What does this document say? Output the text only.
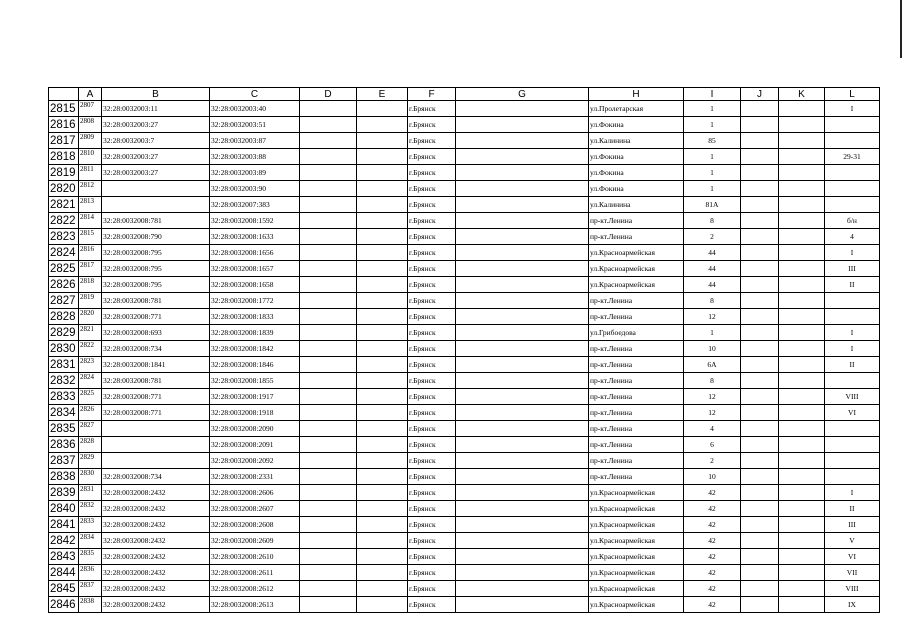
	A	B	C	D	E	F	G	H	I	J	K	L
2815	2807	32:28:0032003:11	32:28:0032003:40			г.Брянск		ул.Пролетарская	1			I
2816	2808	32:28:0032003:27	32:28:0032003:51			г.Брянск		ул.Фокина	1			
2817	2809	32:28:0032003:7	32:28:0032003:87			г.Брянск		ул.Калинина	85			
2818	2810	32:28:0032003:27	32:28:0032003:88			г.Брянск		ул.Фокина	1			29-31
2819	2811	32:28:0032003:27	32:28:0032003:89			г.Брянск		ул.Фокина	1			
2820	2812		32:28:0032003:90			г.Брянск		ул.Фокина	1			
2821	2813		32:28:0032007:383			г.Брянск		ул.Калинина	81А			
2822	2814	32:28:0032008:781	32:28:0032008:1592			г.Брянск		пр-кт.Ленина	8			б/н
2823	2815	32:28:0032008:790	32:28:0032008:1633			г.Брянск		пр-кт.Ленина	2			4
2824	2816	32:28:0032008:795	32:28:0032008:1656			г.Брянск		ул.Красноармейская	44			I
2825	2817	32:28:0032008:795	32:28:0032008:1657			г.Брянск		ул.Красноармейская	44			III
2826	2818	32:28:0032008:795	32:28:0032008:1658			г.Брянск		ул.Красноармейская	44			II
2827	2819	32:28:0032008:781	32:28:0032008:1772			г.Брянск		пр-кт.Ленина	8			
2828	2820	32:28:0032008:771	32:28:0032008:1833			г.Брянск		пр-кт.Ленина	12			
2829	2821	32:28:0032008:693	32:28:0032008:1839			г.Брянск		ул.Грибоедова	1			I
2830	2822	32:28:0032008:734	32:28:0032008:1842			г.Брянск		пр-кт.Ленина	10			I
2831	2823	32:28:0032008:1841	32:28:0032008:1846			г.Брянск		пр-кт.Ленина	6А			II
2832	2824	32:28:0032008:781	32:28:0032008:1855			г.Брянск		пр-кт.Ленина	8			
2833	2825	32:28:0032008:771	32:28:0032008:1917			г.Брянск		пр-кт.Ленина	12			VIII
2834	2826	32:28:0032008:771	32:28:0032008:1918			г.Брянск		пр-кт.Ленина	12			VI
2835	2827		32:28:0032008:2090			г.Брянск		пр-кт.Ленина	4			
2836	2828		32:28:0032008:2091			г.Брянск		пр-кт.Ленина	6			
2837	2829		32:28:0032008:2092			г.Брянск		пр-кт.Ленина	2			
2838	2830	32:28:0032008:734	32:28:0032008:2331			г.Брянск		пр-кт.Ленина	10			
2839	2831	32:28:0032008:2432	32:28:0032008:2606			г.Брянск		ул.Красноармейская	42			I
2840	2832	32:28:0032008:2432	32:28:0032008:2607			г.Брянск		ул.Красноармейская	42			II
2841	2833	32:28:0032008:2432	32:28:0032008:2608			г.Брянск		ул.Красноармейская	42			III
2842	2834	32:28:0032008:2432	32:28:0032008:2609			г.Брянск		ул.Красноармейская	42			V
2843	2835	32:28:0032008:2432	32:28:0032008:2610			г.Брянск		ул.Красноармейская	42			VI
2844	2836	32:28:0032008:2432	32:28:0032008:2611			г.Брянск		ул.Красноармейская	42			VII
2845	2837	32:28:0032008:2432	32:28:0032008:2612			г.Брянск		ул.Красноармейская	42			VIII
2846	2838	32:28:0032008:2432	32:28:0032008:2613			г.Брянск		ул.Красноармейская	42			IX
